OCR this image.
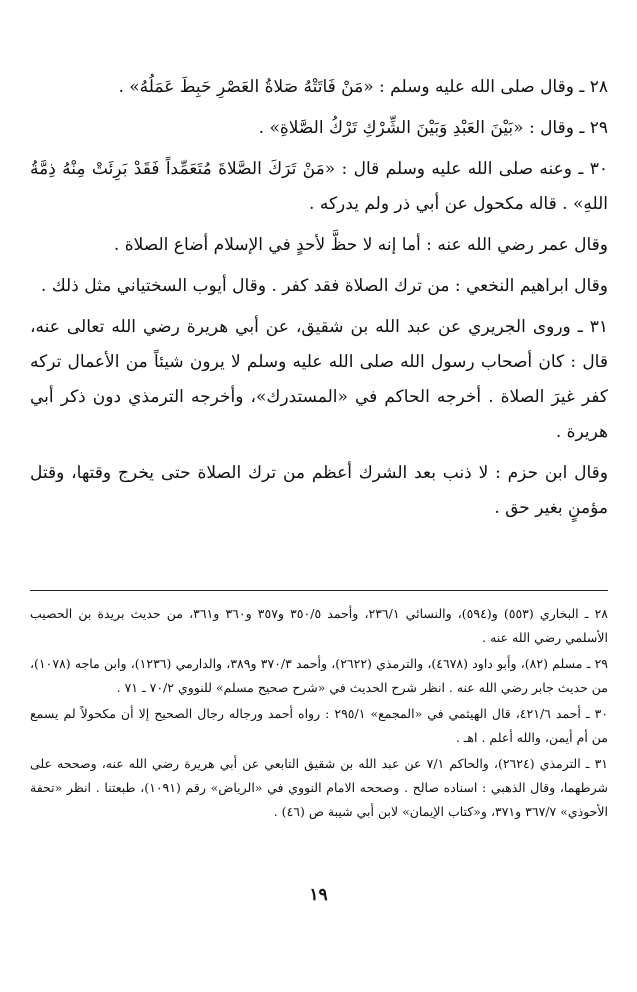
٢٨ ـ وقال صلى الله عليه وسلم : «مَنْ فَاتَتْهُ صَلاةُ العَصْرِ حَبِطَ عَمَلُهُ» .

٢٩ ـ وقال : «بَيْنَ العَبْدِ وَبَيْنَ الشِّرْكِ تَرْكُ الصَّلاةِ» .

٣٠ ـ وعنه صلى الله عليه وسلم قال : «مَنْ تَرَكَ الصَّلاةَ مُتَعَمِّداً فَقَدْ بَرِئَتْ مِنْهُ ذِمَّةُ اللهِ» . قاله مكحول عن أبي ذر ولم يدركه .

وقال عمر رضي الله عنه : أما إنه لا حظَّ لأحدٍ في الإسلام أضاع الصلاة .

وقال ابراهيم النخعي : من ترك الصلاة فقد كفر . وقال أيوب السختياني مثل ذلك .

٣١ ـ وروى الجريري عن عبد الله بن شقيق، عن أبي هريرة رضي الله تعالى عنه، قال : كان أصحاب رسول الله صلى الله عليه وسلم لا يرون شيئاً من الأعمال تركه كفر غيرَ الصلاة . أخرجه الحاكم في «المستدرك»، وأخرجه الترمذي دون ذكر أبي هريرة .

وقال ابن حزم : لا ذنب بعد الشرك أعظم من ترك الصلاة حتى يخرج وقتها، وقتل مؤمنٍ بغير حق .

٢٨ ـ البخاري (٥٥٣) و(٥٩٤)، والنسائي ٢٣٦/١، وأحمد ٣٥٠/٥ و٣٥٧ و٣٦٠ و٣٦١، من حديث بريدة بن الحصيب الأسلمي رضي الله عنه .

٢٩ ـ مسلم (٨٢)، وأبو داود (٤٦٧٨)، والترمذي (٢٦٢٢)، وأحمد ٣٧٠/٣ و٣٨٩، والدارمي (١٢٣٦)، وابن ماجه (١٠٧٨)، من حديث جابر رضي الله عنه . انظر شرح الحديث في «شرح صحيح مسلم» للنووي ٧٠/٢ ـ ٧١ .

٣٠ ـ أحمد ٤٢١/٦، قال الهيثمي في «المجمع» ٢٩٥/١ : رواه أحمد ورجاله رجال الصحيح إلا أن مكحولاً لم يسمع من أم أيمن، والله أعلم . اهـ .

٣١ ـ الترمذي (٢٦٢٤)، والحاكم ٧/١ عن عبد الله بن شقيق التابعي عن أبي هريرة رضي الله عنه، وصححه على شرطهما، وقال الذهبي : اسناده صالح . وصححه الامام النووي في «الرياض» رقم (١٠٩١)، طبعتنا . انظر «تحفة الأحوذي» ٣٦٧/٧ و٣٧١، و«كتاب الإيمان» لابن أبي شيبة ص (٤٦) .

١٩
